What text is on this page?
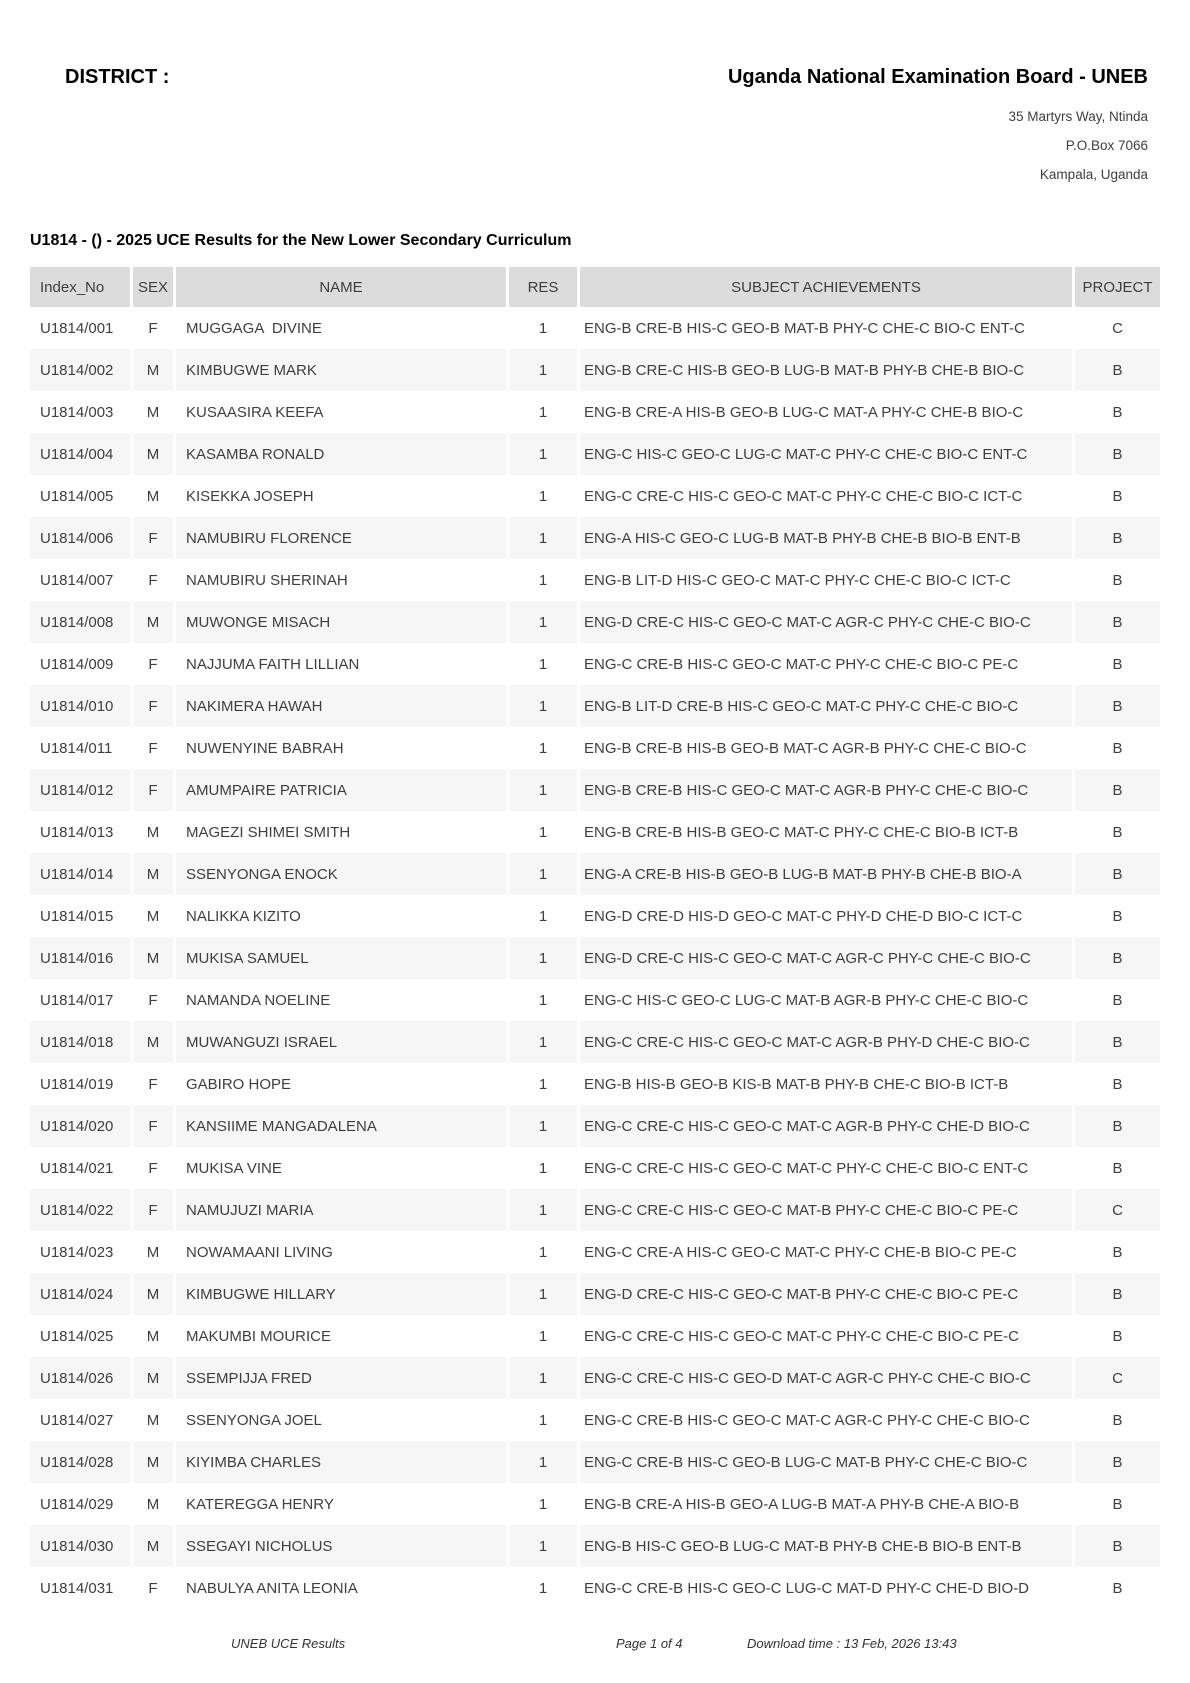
DISTRICT :	Uganda National Examination Board - UNEB
35 Martyrs Way, Ntinda
P.O.Box 7066
Kampala, Uganda
U1814 - () - 2025 UCE Results for the New Lower Secondary Curriculum
Index_No	SEX	NAME	RES	SUBJECT ACHIEVEMENTS	PROJECT
U1814/001	F	MUGGAGA  DIVINE	1	ENG-B CRE-B HIS-C GEO-B MAT-B PHY-C CHE-C BIO-C ENT-C	C
U1814/002	M	KIMBUGWE MARK	1	ENG-B CRE-C HIS-B GEO-B LUG-B MAT-B PHY-B CHE-B BIO-C	B
U1814/003	M	KUSAASIRA KEEFA	1	ENG-B CRE-A HIS-B GEO-B LUG-C MAT-A PHY-C CHE-B BIO-C	B
U1814/004	M	KASAMBA RONALD	1	ENG-C HIS-C GEO-C LUG-C MAT-C PHY-C CHE-C BIO-C ENT-C	B
U1814/005	M	KISEKKA JOSEPH	1	ENG-C CRE-C HIS-C GEO-C MAT-C PHY-C CHE-C BIO-C ICT-C	B
U1814/006	F	NAMUBIRU FLORENCE	1	ENG-A HIS-C GEO-C LUG-B MAT-B PHY-B CHE-B BIO-B ENT-B	B
U1814/007	F	NAMUBIRU SHERINAH	1	ENG-B LIT-D HIS-C GEO-C MAT-C PHY-C CHE-C BIO-C ICT-C	B
U1814/008	M	MUWONGE MISACH	1	ENG-D CRE-C HIS-C GEO-C MAT-C AGR-C PHY-C CHE-C BIO-C	B
U1814/009	F	NAJJUMA FAITH LILLIAN	1	ENG-C CRE-B HIS-C GEO-C MAT-C PHY-C CHE-C BIO-C PE-C	B
U1814/010	F	NAKIMERA HAWAH	1	ENG-B LIT-D CRE-B HIS-C GEO-C MAT-C PHY-C CHE-C BIO-C	B
U1814/011	F	NUWENYINE BABRAH	1	ENG-B CRE-B HIS-B GEO-B MAT-C AGR-B PHY-C CHE-C BIO-C	B
U1814/012	F	AMUMPAIRE PATRICIA	1	ENG-B CRE-B HIS-C GEO-C MAT-C AGR-B PHY-C CHE-C BIO-C	B
U1814/013	M	MAGEZI SHIMEI SMITH	1	ENG-B CRE-B HIS-B GEO-C MAT-C PHY-C CHE-C BIO-B ICT-B	B
U1814/014	M	SSENYONGA ENOCK	1	ENG-A CRE-B HIS-B GEO-B LUG-B MAT-B PHY-B CHE-B BIO-A	B
U1814/015	M	NALIKKA KIZITO	1	ENG-D CRE-D HIS-D GEO-C MAT-C PHY-D CHE-D BIO-C ICT-C	B
U1814/016	M	MUKISA SAMUEL	1	ENG-D CRE-C HIS-C GEO-C MAT-C AGR-C PHY-C CHE-C BIO-C	B
U1814/017	F	NAMANDA NOELINE	1	ENG-C HIS-C GEO-C LUG-C MAT-B AGR-B PHY-C CHE-C BIO-C	B
U1814/018	M	MUWANGUZI ISRAEL	1	ENG-C CRE-C HIS-C GEO-C MAT-C AGR-B PHY-D CHE-C BIO-C	B
U1814/019	F	GABIRO HOPE	1	ENG-B HIS-B GEO-B KIS-B MAT-B PHY-B CHE-C BIO-B ICT-B	B
U1814/020	F	KANSIIME MANGADALENA	1	ENG-C CRE-C HIS-C GEO-C MAT-C AGR-B PHY-C CHE-D BIO-C	B
U1814/021	F	MUKISA VINE	1	ENG-C CRE-C HIS-C GEO-C MAT-C PHY-C CHE-C BIO-C ENT-C	B
U1814/022	F	NAMUJUZI MARIA	1	ENG-C CRE-C HIS-C GEO-C MAT-B PHY-C CHE-C BIO-C PE-C	C
U1814/023	M	NOWAMAANI LIVING	1	ENG-C CRE-A HIS-C GEO-C MAT-C PHY-C CHE-B BIO-C PE-C	B
U1814/024	M	KIMBUGWE HILLARY	1	ENG-D CRE-C HIS-C GEO-C MAT-B PHY-C CHE-C BIO-C PE-C	B
U1814/025	M	MAKUMBI MOURICE	1	ENG-C CRE-C HIS-C GEO-C MAT-C PHY-C CHE-C BIO-C PE-C	B
U1814/026	M	SSEMPIJJA FRED	1	ENG-C CRE-C HIS-C GEO-D MAT-C AGR-C PHY-C CHE-C BIO-C	C
U1814/027	M	SSENYONGA JOEL	1	ENG-C CRE-B HIS-C GEO-C MAT-C AGR-C PHY-C CHE-C BIO-C	B
U1814/028	M	KIYIMBA CHARLES	1	ENG-C CRE-B HIS-C GEO-B LUG-C MAT-B PHY-C CHE-C BIO-C	B
U1814/029	M	KATEREGGA HENRY	1	ENG-B CRE-A HIS-B GEO-A LUG-B MAT-A PHY-B CHE-A BIO-B	B
U1814/030	M	SSEGAYI NICHOLUS	1	ENG-B HIS-C GEO-B LUG-C MAT-B PHY-B CHE-B BIO-B ENT-B	B
U1814/031	F	NABULYA ANITA LEONIA	1	ENG-C CRE-B HIS-C GEO-C LUG-C MAT-D PHY-C CHE-D BIO-D	B
UNEB UCE Results	Page 1 of 4	Download time : 13 Feb, 2026 13:43
